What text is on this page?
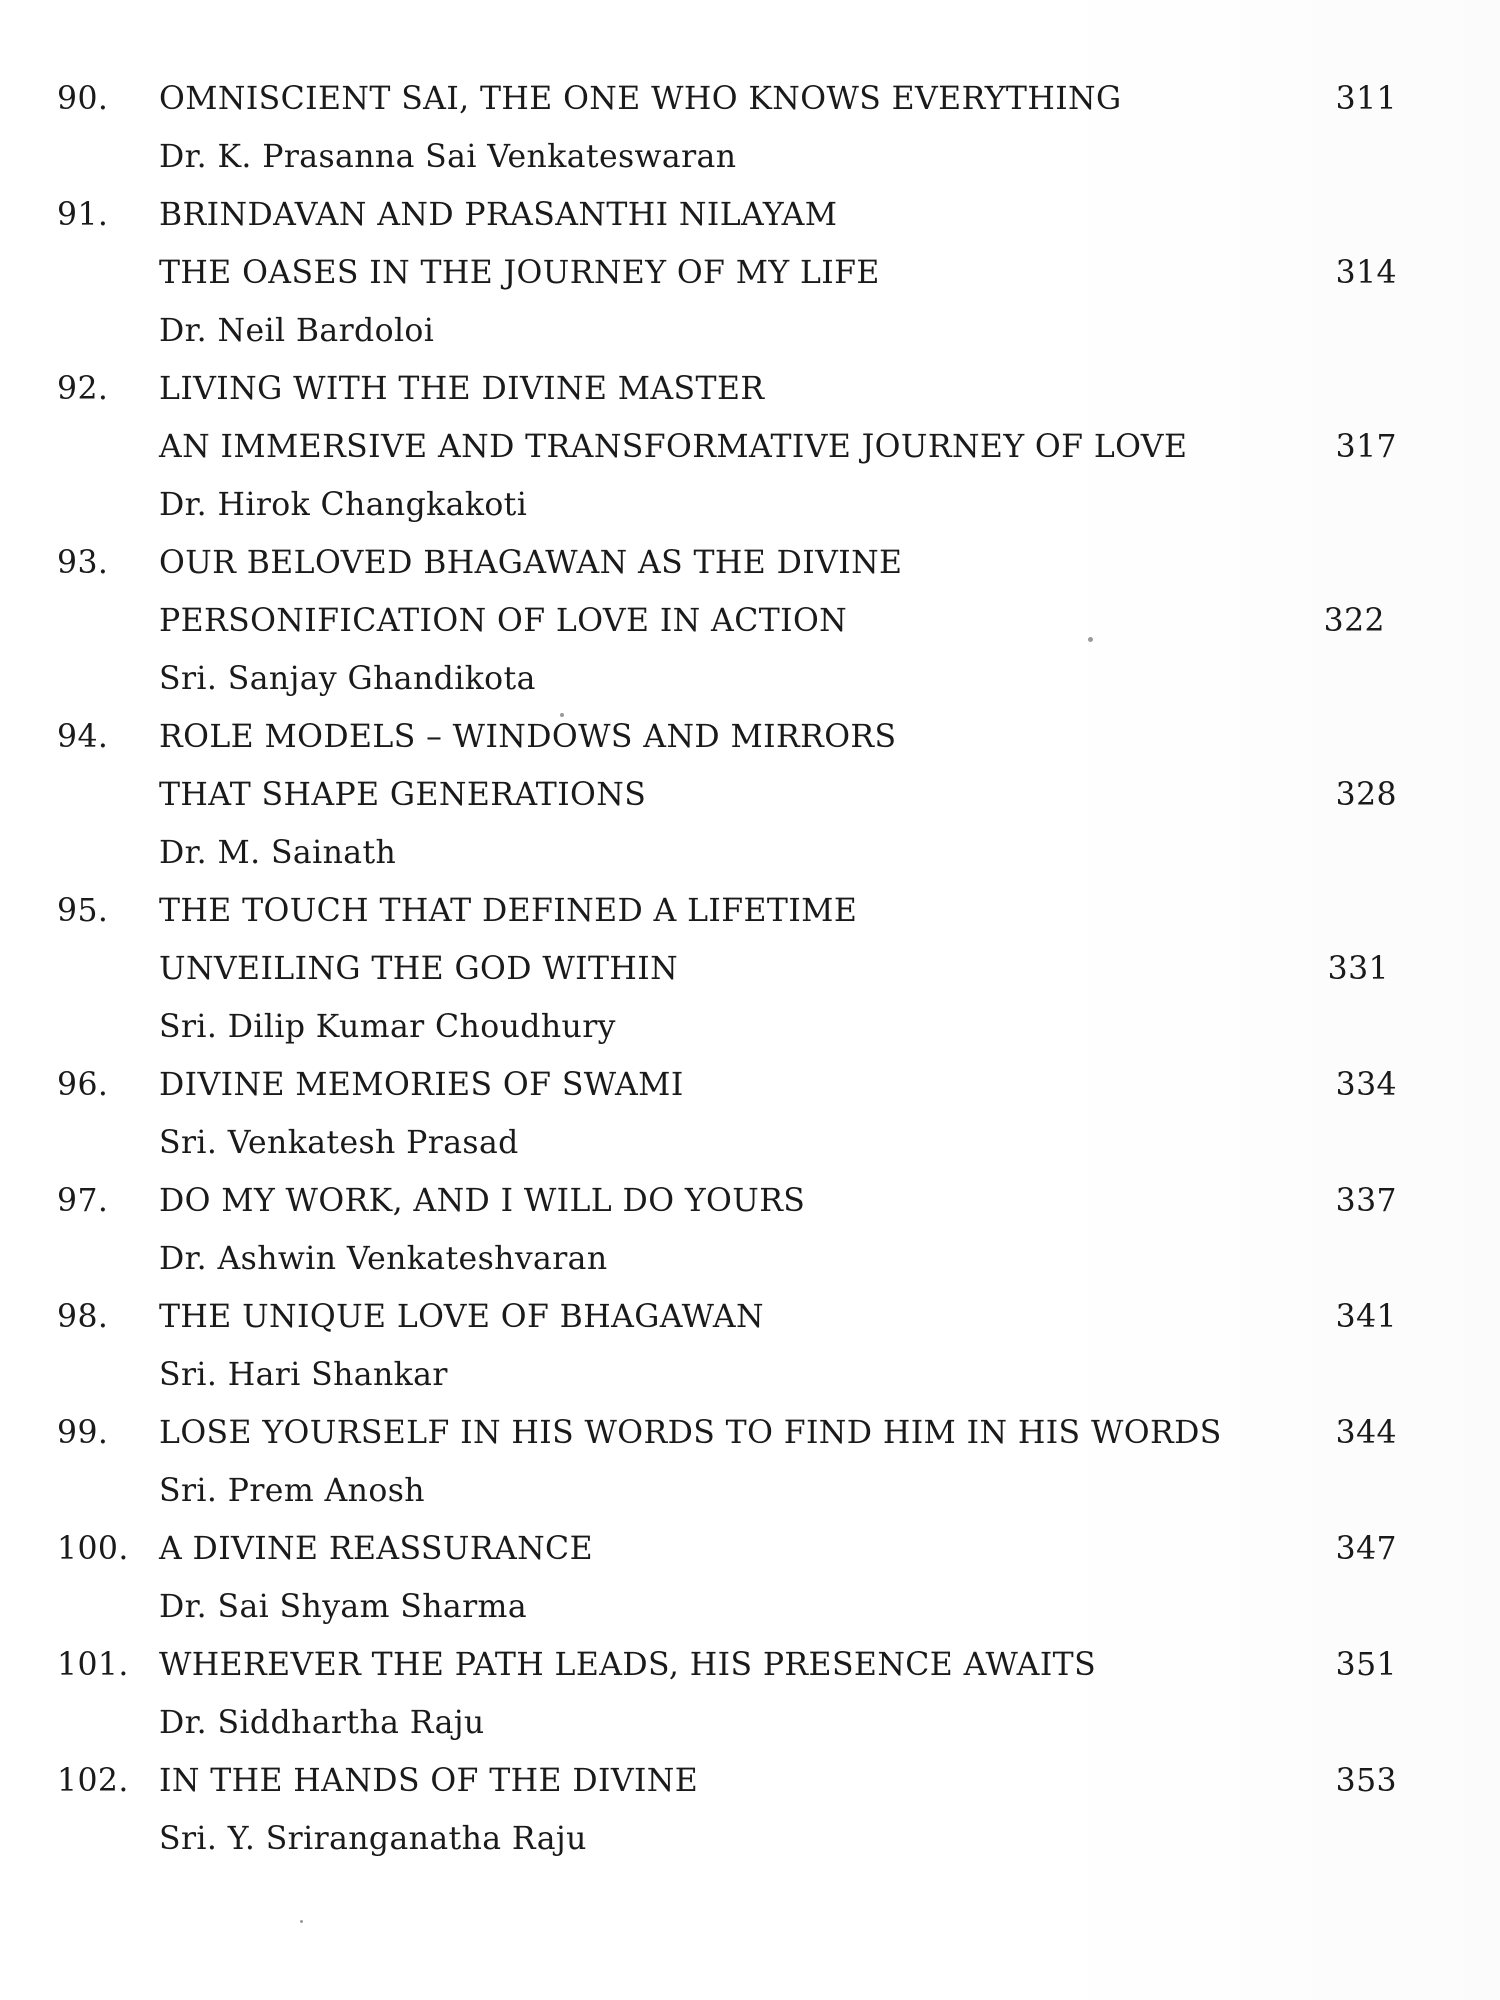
90.	OMNISCIENT SAI, THE ONE WHO KNOWS EVERYTHING	311
Dr. K. Prasanna Sai Venkateswaran
91.	BRINDAVAN AND PRASANTHI NILAYAM
THE OASES IN THE JOURNEY OF MY LIFE	314
Dr. Neil Bardoloi
92.	LIVING WITH THE DIVINE MASTER
AN IMMERSIVE AND TRANSFORMATIVE JOURNEY OF LOVE	317
Dr. Hirok Changkakoti
93.	OUR BELOVED BHAGAWAN AS THE DIVINE
PERSONIFICATION OF LOVE IN ACTION	322
Sri. Sanjay Ghandikota
94.	ROLE MODELS – WINDOWS AND MIRRORS
THAT SHAPE GENERATIONS	328
Dr. M. Sainath
95.	THE TOUCH THAT DEFINED A LIFETIME
UNVEILING THE GOD WITHIN	331
Sri. Dilip Kumar Choudhury
96.	DIVINE MEMORIES OF SWAMI	334
Sri. Venkatesh Prasad
97.	DO MY WORK, AND I WILL DO YOURS	337
Dr. Ashwin Venkateshvaran
98.	THE UNIQUE LOVE OF BHAGAWAN	341
Sri. Hari Shankar
99.	LOSE YOURSELF IN HIS WORDS TO FIND HIM IN HIS WORDS	344
Sri. Prem Anosh
100. A DIVINE REASSURANCE	347
Dr. Sai Shyam Sharma
101. WHEREVER THE PATH LEADS, HIS PRESENCE AWAITS	351
Dr. Siddhartha Raju
102. IN THE HANDS OF THE DIVINE	353
Sri. Y. Sriranganatha Raju
